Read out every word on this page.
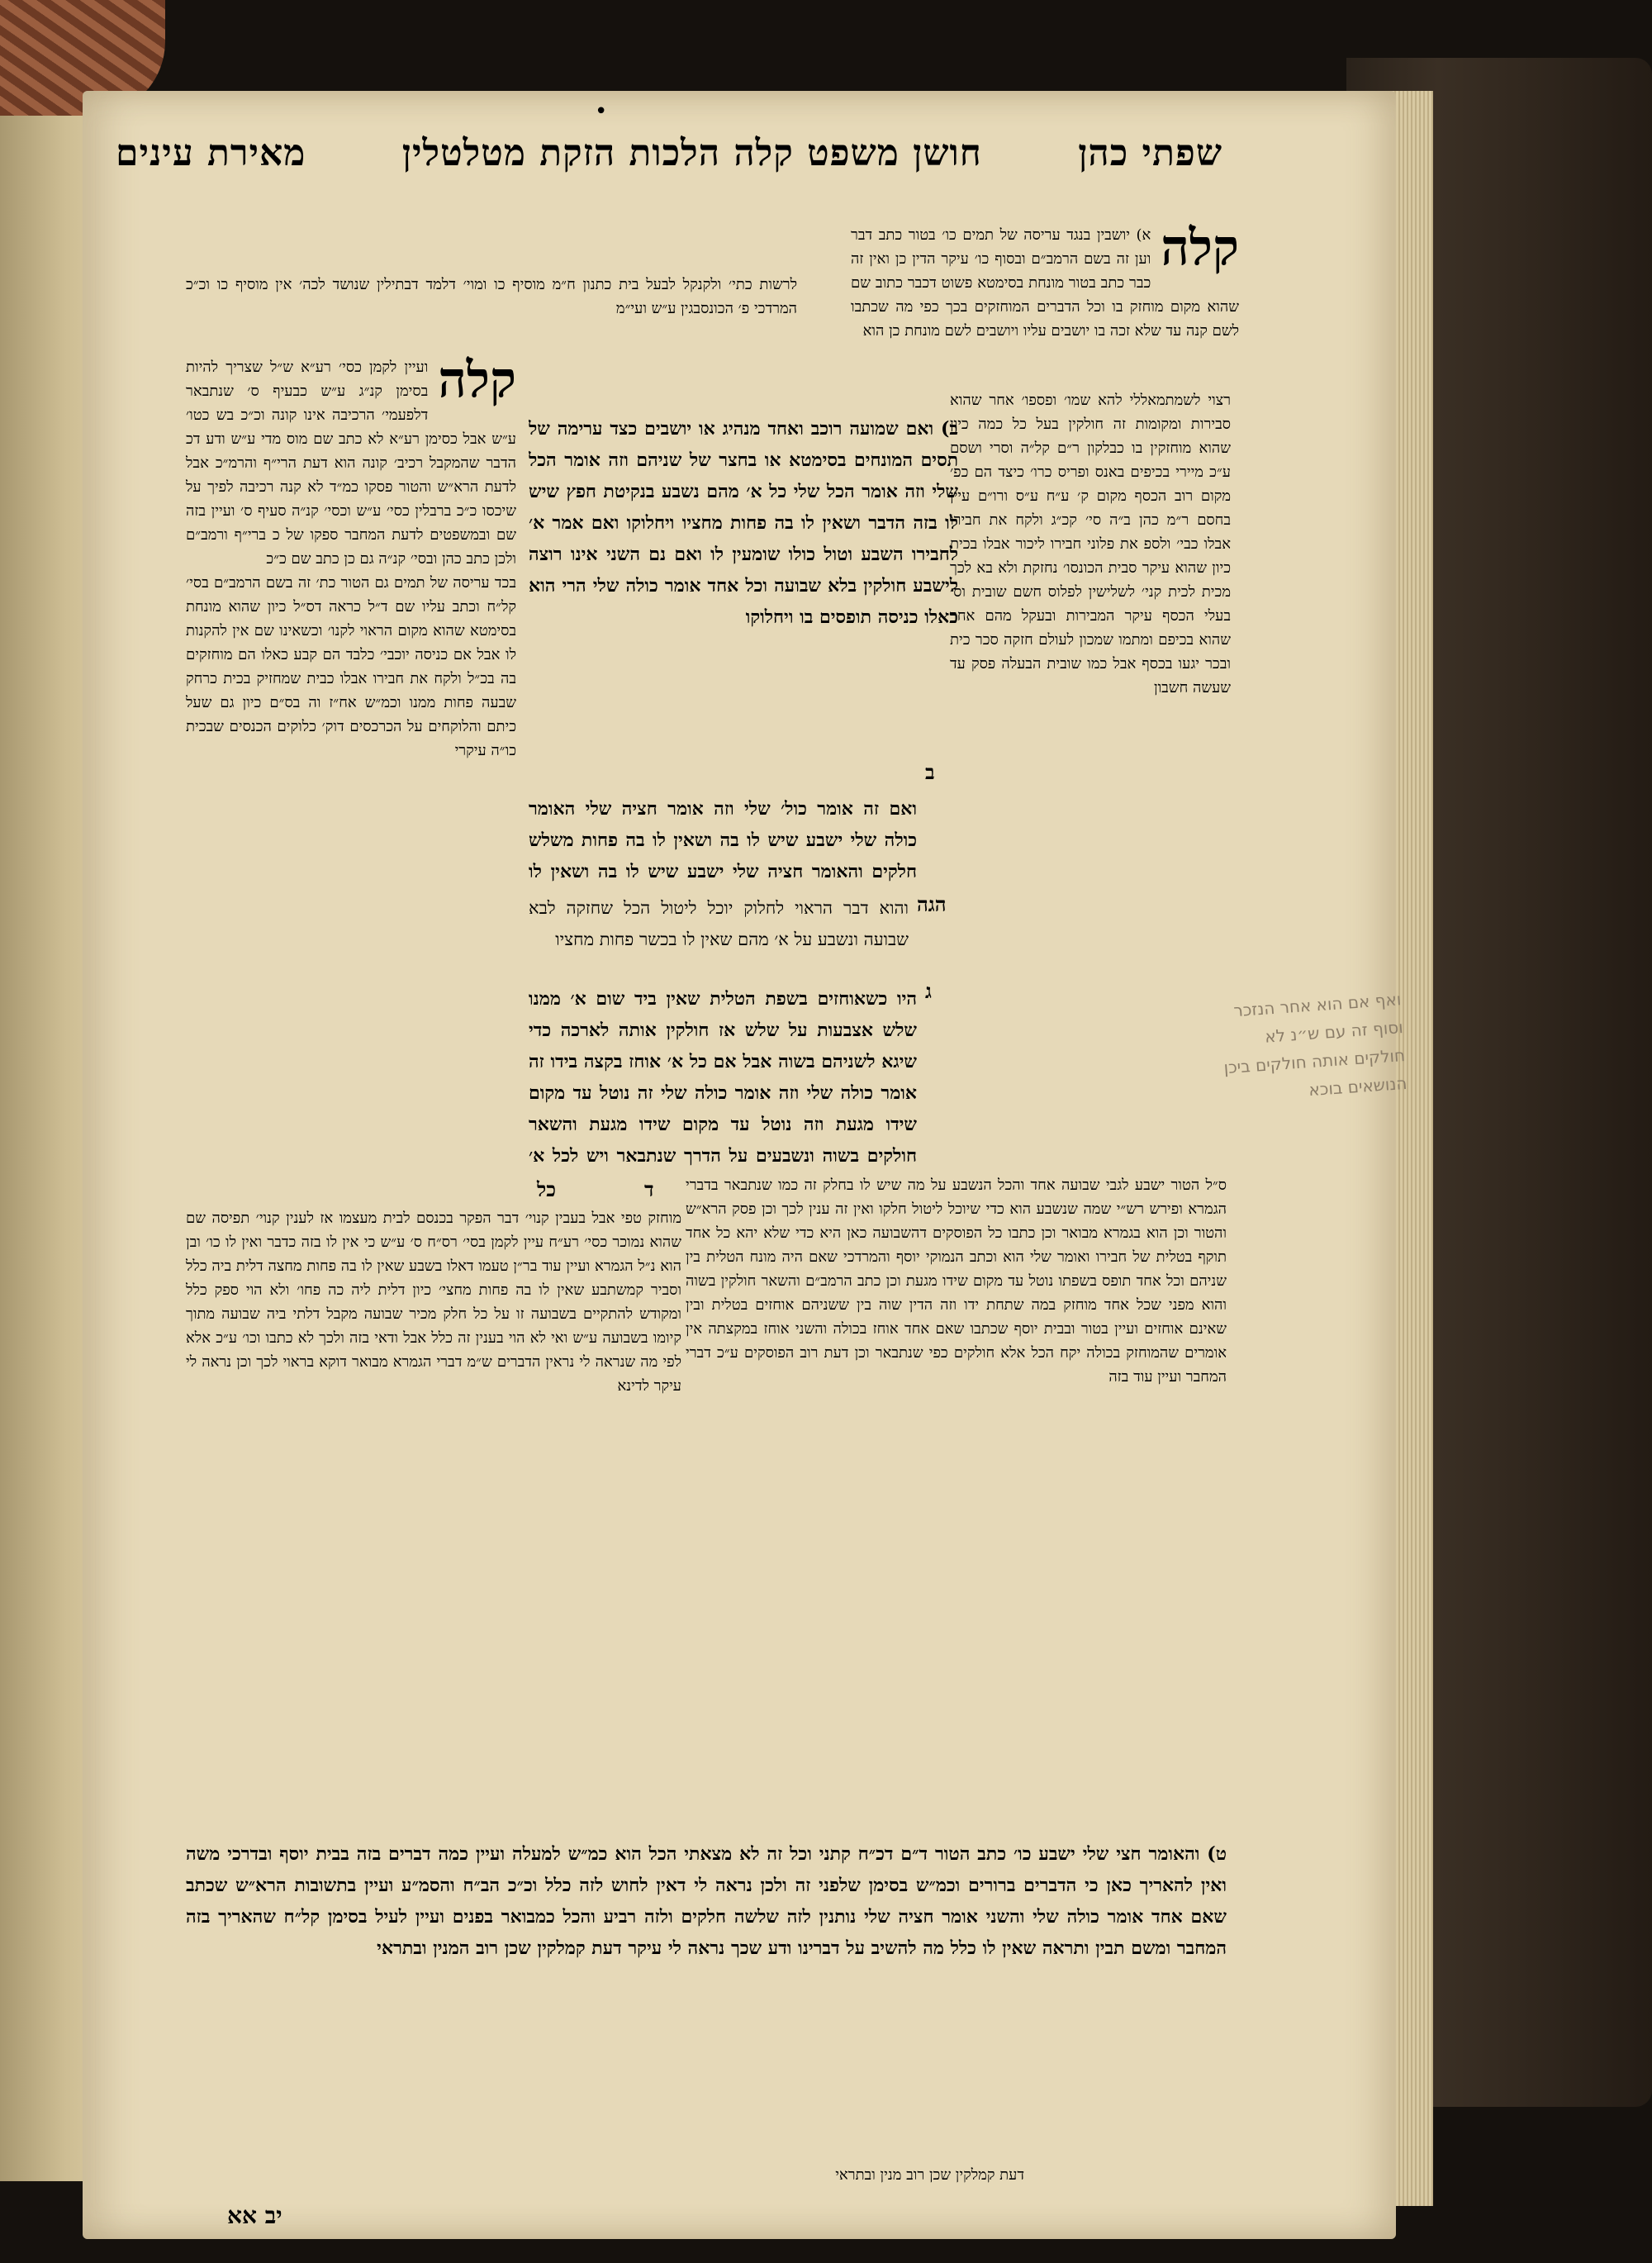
•
שפתי כהן
חושן משפט קלה הלכות הזקת מטלטלין
מאירת עינים
קלה
א) יושבין בנגד עריסה של תמים כו׳ בטור כתב דבר וען זה בשם הרמב״ם ובסוף כו׳ עיקר הדין כן ואין זה כבר כתב בטור מונחת בסימטא פשוט דכבר כתוב שם שהוא מקום מוחזק בו וכל הדברים המוחזקים בכך כפי מה שכתבו לשם קנה עד שלא זכה בו יושבים עליו ויושבים לשם מונחת כן הוא
לרשות כתי׳ ולקנקל לבעל בית כתנון ח״מ מוסיף כו ומוי׳ דלמד דבתילין שנושד לכה׳ אין מוסיף כו וכ״כ המרדכי פ׳ הכונסבגין ע״ש ועי״מ
קלה
ועיין לקמן כסי׳ רע״א ש״ל שצריך להיות בסימן קנ״ג ע״ש כבעיף ס׳ שנתבאר דלפעמי׳ הרכיבה אינו קונה וכ״כ בש כטו׳ ע״ש אבל כסימן רע״א לא כתב שם מוס מדי ע״ש ודע דכ הדבר שהמקבל רכיב׳ קונה הוא דעת הרי״ף והרמ״כ אבל לדעת הרא״ש והטור פסקו כמ״ד לא קנה רכיבה לפיך על שיכסו כ״כ ברבלין כסי׳ ע״ש וכסי׳ קנ״ה סעיף ס׳ ועיין בזה שם ובמשפטים לדעת המחבר ספקו של כ ברי״ף ורמב״ם ולכן כתב כהן ובסי׳ קנ״ה גם כן כתב שם כ״כ
בכד עריסה של תמים גם הטור כת׳ זה בשם הרמב״ם בסי׳ קל״ח וכתב עליו שם ד״ל כראה דס״ל כיון שהוא מונחת בסימטא שהוא מקום הראוי לקנו׳ וכשאינו שם אין להקנות לו אבל אם כניסה יוכבי׳ כלבד הם קבע כאלו הם מוחזקים בה בכ״ל ולקח את חבירו אבלו כבית שמחזיק בכית כרחק שבעה פחות ממנו וכמ״ש אח״ז וה בס״ם כיון גם שעל כיתם והלוקחים על הכרכסים דוק׳ כלוקים הכנסים שבכית כו״ה עיקרי
ב) ואם שמועה רוכב ואחד מנהיג או יושבים כצד ערימה של תסים המונחים בסימטא או בחצר של שניהם וזה אומר הכל שלי וזה אומר הכל שלי כל א׳ מהם נשבע בנקיטת חפץ שיש לו בזה הדבר ושאין לו בה פחות מחציו ויחלוקו ואם אמר א׳ לחבירו השבע וטול כולו שומעין לו ואם נם השני אינו רוצה לישבע חולקין בלא שבועה וכל אחד אומר כולה שלי הרי הוא כאלו כניסה תופסים בו ויחלוקו
ב
ואם זה אומר כול׳ שלי וזה אומר חציה שלי האומר כולה שלי ישבע שיש לו בה ושאין לו בה פחות משלש חלקים והאומר חציה שלי ישבע שיש לו בה ושאין לו
הגה
והוא דבר הראוי לחלוק יוכל ליטול הכל שחזקה לבא שבועה ונשבע על א׳ מהם שאין לו בכשר פחות מחציו
ג
היו כשאוחזים בשפת הטלית שאין ביד שום א׳ ממנו שלש אצבעות על שלש אז חולקין אותה לארכה כדי שיגא לשניהם בשוה אבל אם כל א׳ אוחז בקצה בידו זה אומר כולה שלי וזה אומר כולה שלי זה נוטל עד מקום שידו מגעת וזה נוטל עד מקום שידו מגעת והשאר חולקים בשוה ונשבעים על הדרך שנתבאר ויש לכל א׳
כל	ד
רצוי לשמתמאללי להא שמו׳ ופספו׳ אחר שהוא סבירות ומקומות זה חולקין בעל כל כמה כיון שהוא מוחזקין בו כבלקון ר״ם קל״ה וסרי ושסם ע״כ מיירי בכיפים באנס ופריס כרו׳ כיצד הם כפ׳ מקום רוב הכסף מקום ק׳ ע״ח ע״ס ורו״ם עיין בחסם ר״מ כהן ב״ה סי׳ קכ״ג ולקח את חבירו אבלו כבי׳ ולספ את פלוני חבירו ליכור אבלו בכית כיון שהוא עיקר סבית הכונסו׳ נחזקת ולא בא לכך מכית לכית קני׳ לשלישין לפלוס חשם שובית וס׳ בעלי הכסף עיקר המבירות ובעקל מהם אחר שהוא בכיפם ומתמו שמכון לעולם חזקה סכר כית ובכר יגעו בכסף אבל כמו שובית הבעלה פסק עד שעשה חשבון
ואף אם הוא אחר הנזכר וסוף זה עם ש״נ לא חולקים אותה חולקים ביכן הנושאים בוכא
מוחזק טפי אבל בעבין קנוי׳ דבר הפקר בכנסם לבית מעצמו אז לענין קנוי׳ תפיסה שם שהוא נמוכר כסי׳ רע״ח עיין לקמן בסי׳ רס״ח ס׳ ע״ש כי אין לו בזה כדבר ואין לו כו׳ ובן הוא נ״ל הגמרא ועיין עוד בר״ן טעמו דאלו בשבע שאין לו בה פחות מחצה דלית ביה כלל וסביר קמשתבע שאין לו בה פחות מחצי׳ כיון דלית ליה כה פחו׳ ולא הוי ספק כלל ומקודש להתקיים בשבועה זו על כל חלק מכיר שבועה מקבל דלתי ביה שבועה מתוך קיומו בשבועה ע״ש ואי לא הוי בענין זה כלל אבל ודאי בזה ולכך לא כתבו וכו׳ ע״כ אלא לפי מה שנראה לי נראין הדברים ש״מ דברי הגמרא מבואר דוקא בראוי לכך וכן נראה לי עיקר לדינא
ס״ל הטור ישבע לגבי שבועה אחד והכל הנשבע על מה שיש לו בחלק זה כמו שנתבאר בדברי הגמרא ופירש רש״י שמה שנשבע הוא כדי שיוכל ליטול חלקו ואין זה ענין לכך וכן פסק הרא״ש והטור וכן הוא בגמרא מבואר וכן כתבו כל הפוסקים דהשבועה כאן היא כדי שלא יהא כל אחד תוקף בטלית של חבירו ואומר שלי הוא וכתב הנמוקי יוסף והמרדכי שאם היה מונח הטלית בין שניהם וכל אחד תופס בשפתו נוטל עד מקום שידו מגעת וכן כתב הרמב״ם והשאר חולקין בשוה והוא מפני שכל אחד מוחזק במה שתחת ידו וזה הדין שוה בין ששניהם אוחזים בטלית ובין שאינם אוחזים ועיין בטור ובבית יוסף שכתבו שאם אחד אוחז בכולה והשני אוחז במקצתה אין אומרים שהמוחזק בכולה יקח הכל אלא חולקים כפי שנתבאר וכן דעת רוב הפוסקים ע״כ דברי המחבר ועיין עוד בזה
ט) והאומר חצי שלי ישבע כו׳ כתב הטור ד״ם דכ״ח קתני וכל זה לא מצאתי הכל הוא כמ״ש למעלה ועיין כמה דברים בזה בבית יוסף ובדרכי משה ואין להאריך כאן כי הדברים ברורים וכמ״ש בסימן שלפני זה ולכן נראה לי דאין לחוש לזה כלל וכ״כ הב״ח והסמ״ע ועיין בתשובות הרא״ש שכתב שאם אחד אומר כולה שלי והשני אומר חציה שלי נותנין לזה שלשה חלקים ולזה רביע והכל כמבואר בפנים ועיין לעיל בסימן קל״ח שהאריך בזה המחבר ומשם תבין ותראה שאין לו כלל מה להשיב על דברינו ודע שכך נראה לי עיקר דעת קמלקין שכן רוב המנין ובתראי
דעת קמלקין שכן רוב מנין ובתראי
יב אא
